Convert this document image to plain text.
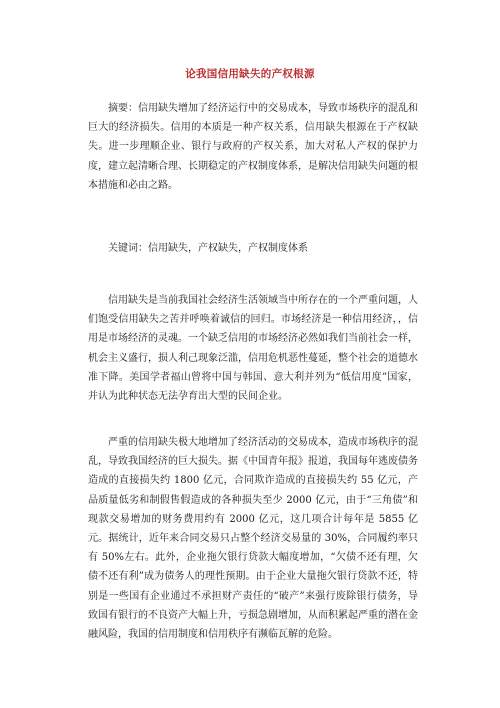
论我国信用缺失的产权根源

摘要：信用缺失增加了经济运行中的交易成本，导致市场秩序的混乱和巨大的经济损失。信用的本质是一种产权关系，信用缺失根源在于产权缺失。进一步理顺企业、银行与政府的产权关系，加大对私人产权的保护力度，建立起清晰合理、长期稳定的产权制度体系，是解决信用缺失问题的根本措施和必由之路。

关键词：信用缺失，产权缺失，产权制度体系

信用缺失是当前我国社会经济生活领域当中所存在的一个严重问题，人们饱受信用缺失之苦并呼唤着诚信的回归。市场经济是一种信用经济，，信用是市场经济的灵魂。一个缺乏信用的市场经济必然如我们当前社会一样，机会主义盛行，损人利己现象泛滥，信用危机恶性蔓延，整个社会的道德水准下降。美国学者福山曾将中国与韩国、意大利并列为“低信用度”国家，并认为此种状态无法孕育出大型的民间企业。

严重的信用缺失极大地增加了经济活动的交易成本，造成市场秩序的混乱，导致我国经济的巨大损失。据《中国青年报》报道，我国每年逃废债务造成的直接损失约 1800 亿元，合同欺诈造成的直接损失约 55 亿元，产品质量低劣和制假售假造成的各种损失至少 2000 亿元，由于“三角债”和现款交易增加的财务费用约有 2000 亿元，这几项合计每年是 5855 亿元。据统计，近年来合同交易只占整个经济交易量的 30%，合同履约率只有 50%左右。此外，企业拖欠银行贷款大幅度增加，“欠债不还有理，欠债不还有利”成为债务人的理性预期。由于企业大量拖欠银行贷款不还，特别是一些国有企业通过不承担财产责任的“破产”来强行废除银行债务，导致国有银行的不良资产大幅上升，亏损急剧增加，从而积累起严重的潜在金融风险，我国的信用制度和信用秩序有濒临瓦解的危险。
